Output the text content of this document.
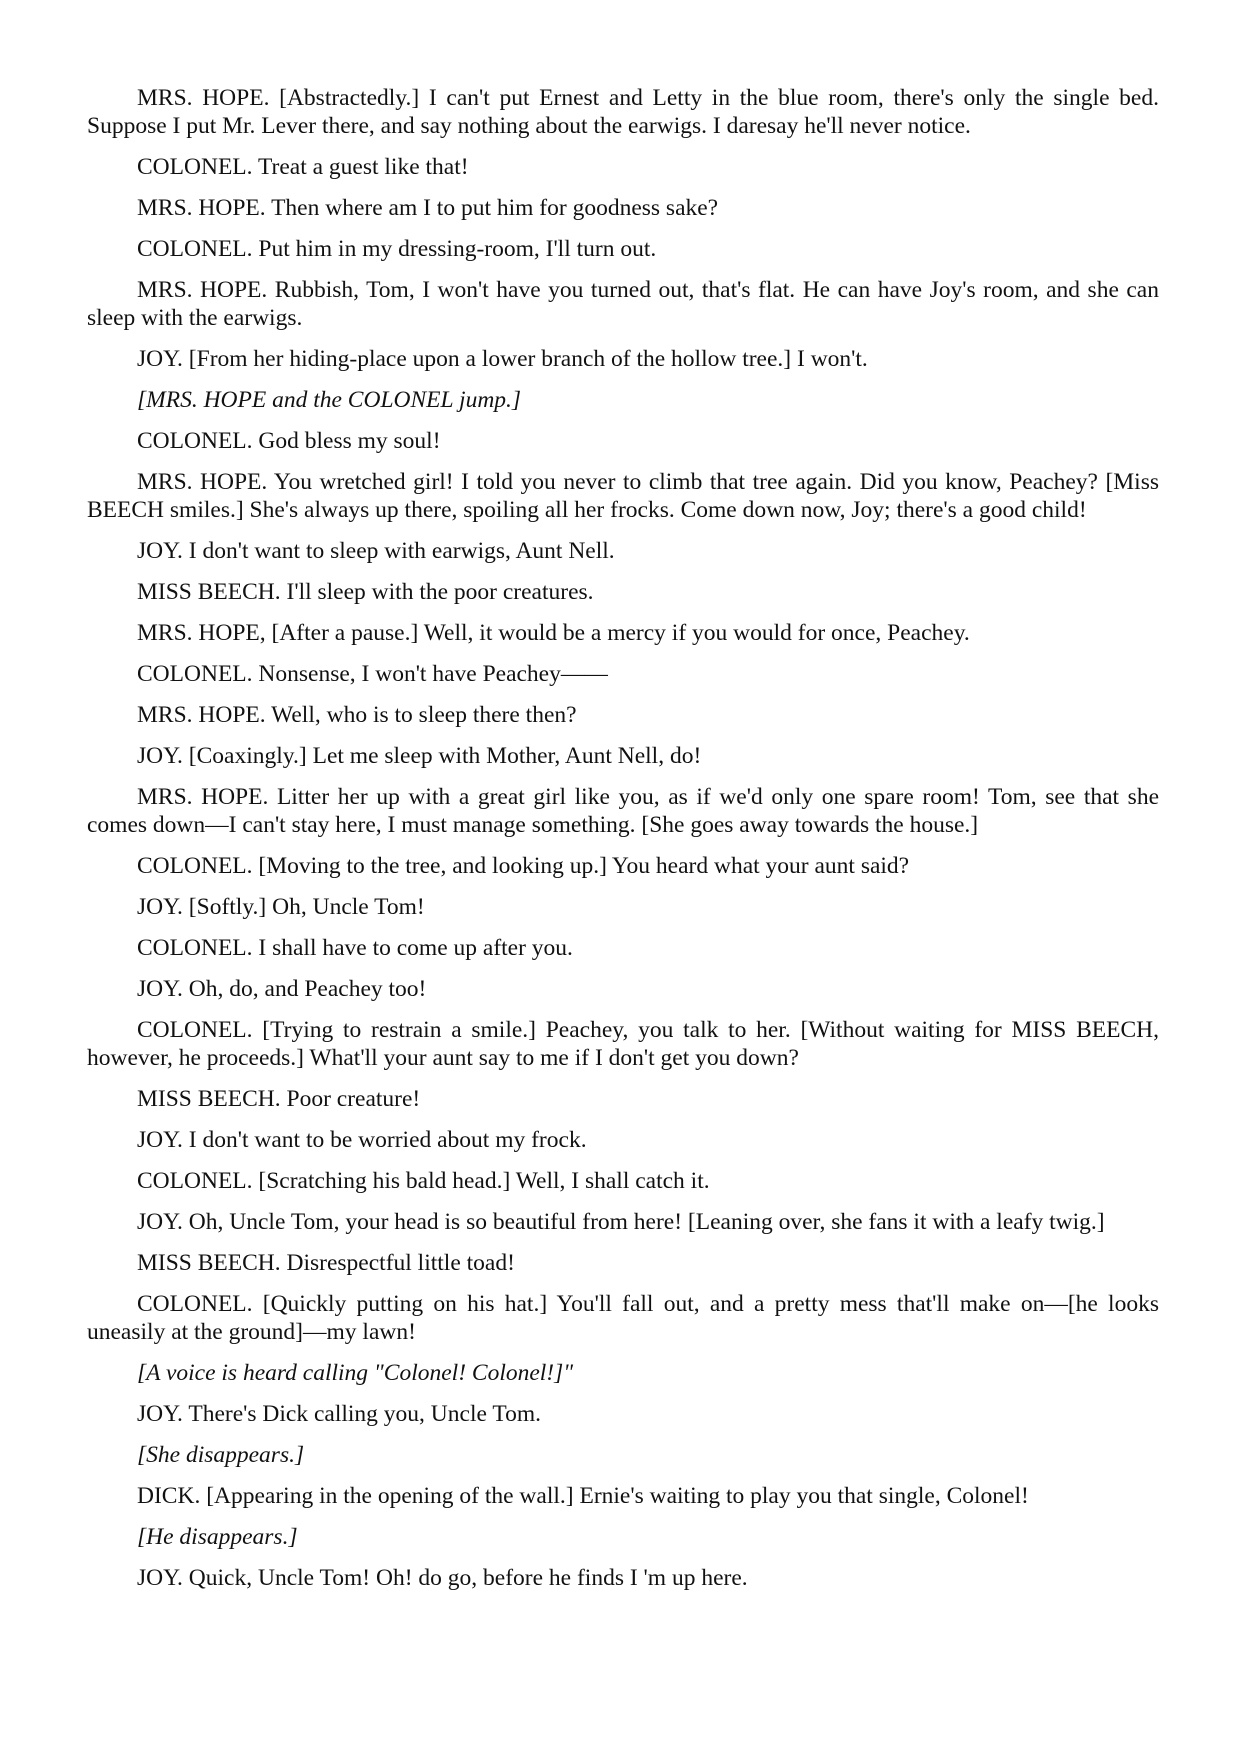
MRS. HOPE. [Abstractedly.] I can't put Ernest and Letty in the blue room, there's only the single bed. Suppose I put Mr. Lever there, and say nothing about the earwigs. I daresay he'll never notice.

COLONEL. Treat a guest like that!

MRS. HOPE. Then where am I to put him for goodness sake?

COLONEL. Put him in my dressing-room, I'll turn out.

MRS. HOPE. Rubbish, Tom, I won't have you turned out, that's flat. He can have Joy's room, and she can sleep with the earwigs.

JOY. [From her hiding-place upon a lower branch of the hollow tree.] I won't.

[MRS. HOPE and the COLONEL jump.]

COLONEL. God bless my soul!

MRS. HOPE. You wretched girl! I told you never to climb that tree again. Did you know, Peachey? [Miss BEECH smiles.] She's always up there, spoiling all her frocks. Come down now, Joy; there's a good child!

JOY. I don't want to sleep with earwigs, Aunt Nell.

MISS BEECH. I'll sleep with the poor creatures.

MRS. HOPE, [After a pause.] Well, it would be a mercy if you would for once, Peachey.

COLONEL. Nonsense, I won't have Peachey——

MRS. HOPE. Well, who is to sleep there then?

JOY. [Coaxingly.] Let me sleep with Mother, Aunt Nell, do!

MRS. HOPE. Litter her up with a great girl like you, as if we'd only one spare room! Tom, see that she comes down—I can't stay here, I must manage something. [She goes away towards the house.]

COLONEL. [Moving to the tree, and looking up.] You heard what your aunt said?

JOY. [Softly.] Oh, Uncle Tom!

COLONEL. I shall have to come up after you.

JOY. Oh, do, and Peachey too!

COLONEL. [Trying to restrain a smile.] Peachey, you talk to her. [Without waiting for MISS BEECH, however, he proceeds.] What'll your aunt say to me if I don't get you down?

MISS BEECH. Poor creature!

JOY. I don't want to be worried about my frock.

COLONEL. [Scratching his bald head.] Well, I shall catch it.

JOY. Oh, Uncle Tom, your head is so beautiful from here! [Leaning over, she fans it with a leafy twig.]

MISS BEECH. Disrespectful little toad!

COLONEL. [Quickly putting on his hat.] You'll fall out, and a pretty mess that'll make on—[he looks uneasily at the ground]—my lawn!

[A voice is heard calling "Colonel! Colonel!]"

JOY. There's Dick calling you, Uncle Tom.

[She disappears.]

DICK. [Appearing in the opening of the wall.] Ernie's waiting to play you that single, Colonel!

[He disappears.]

JOY. Quick, Uncle Tom! Oh! do go, before he finds I 'm up here.
